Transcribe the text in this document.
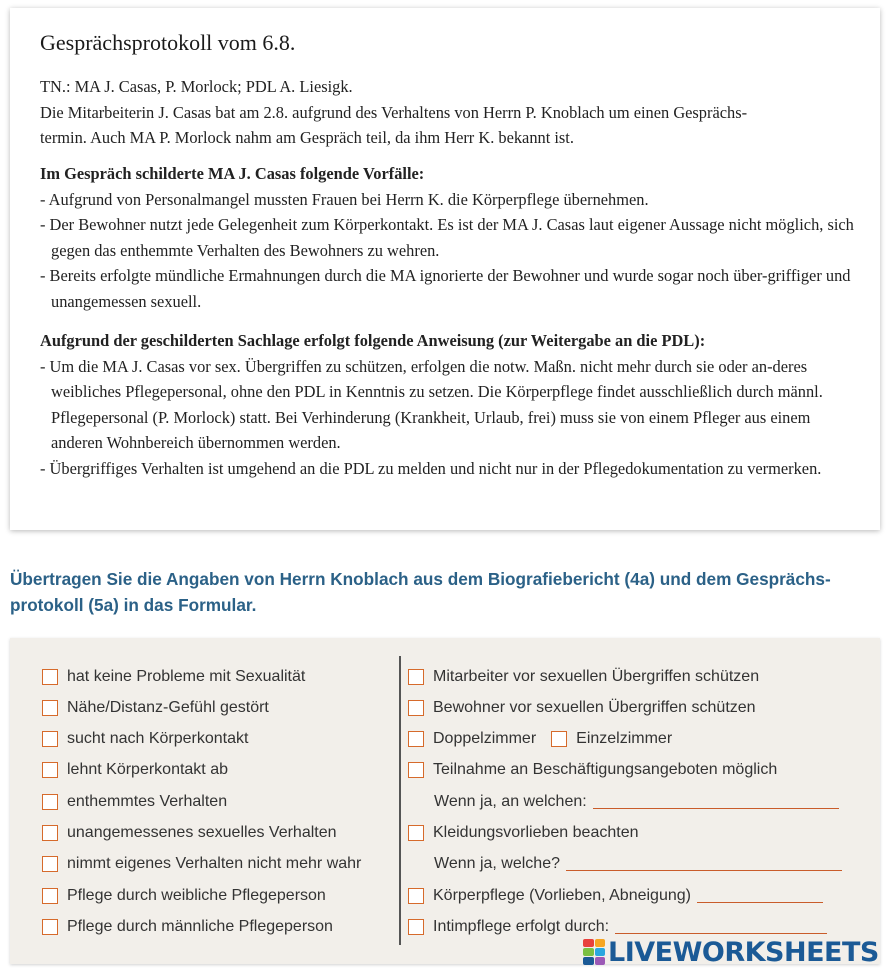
Gesprächsprotokoll vom 6.8.

TN.: MA J. Casas, P. Morlock; PDL A. Liesigk.

Die Mitarbeiterin J. Casas bat am 2.8. aufgrund des Verhaltens von Herrn P. Knoblach um einen Gesprächs-

termin. Auch MA P. Morlock nahm am Gespräch teil, da ihm Herr K. bekannt ist.

Im Gespräch schilderte MA J. Casas folgende Vorfälle:

- Aufgrund von Personalmangel mussten Frauen bei Herrn K. die Körperpflege übernehmen.

- Der Bewohner nutzt jede Gelegenheit zum Körperkontakt. Es ist der MA J. Casas laut eigener Aussage nicht möglich, sich gegen das enthemmte Verhalten des Bewohners zu wehren.

- Bereits erfolgte mündliche Ermahnungen durch die MA ignorierte der Bewohner und wurde sogar noch über-griffiger und unangemessen sexuell.

Aufgrund der geschilderten Sachlage erfolgt folgende Anweisung (zur Weitergabe an die PDL):

- Um die MA J. Casas vor sex. Übergriffen zu schützen, erfolgen die notw. Maßn. nicht mehr durch sie oder an-deres weibliches Pflegepersonal, ohne den PDL in Kenntnis zu setzen. Die Körperpflege findet ausschließlich durch männl. Pflegepersonal (P. Morlock) statt. Bei Verhinderung (Krankheit, Urlaub, frei) muss sie von einem Pfleger aus einem anderen Wohnbereich übernommen werden.

- Übergriffiges Verhalten ist umgehend an die PDL zu melden und nicht nur in der Pflegedokumentation zu vermerken.

Übertragen Sie die Angaben von Herrn Knoblach aus dem Biografiebericht (4a) und dem Gesprächs-
protokoll (5a) in das Formular.

hat keine Probleme mit Sexualität
Nähe/Distanz-Gefühl gestört
sucht nach Körperkontakt
lehnt Körperkontakt ab
enthemmtes Verhalten
unangemessenes sexuelles Verhalten
nimmt eigenes Verhalten nicht mehr wahr
Pflege durch weibliche Pflegeperson
Pflege durch männliche Pflegeperson
Mitarbeiter vor sexuellen Übergriffen schützen
Bewohner vor sexuellen Übergriffen schützen
Doppelzimmer	Einzelzimmer
Teilnahme an Beschäftigungsangeboten möglich
Wenn ja, an welchen:
Kleidungsvorlieben beachten
Wenn ja, welche?
Körperpflege (Vorlieben, Abneigung)
Intimpflege erfolgt durch:
LIVEWORKSHEETS
